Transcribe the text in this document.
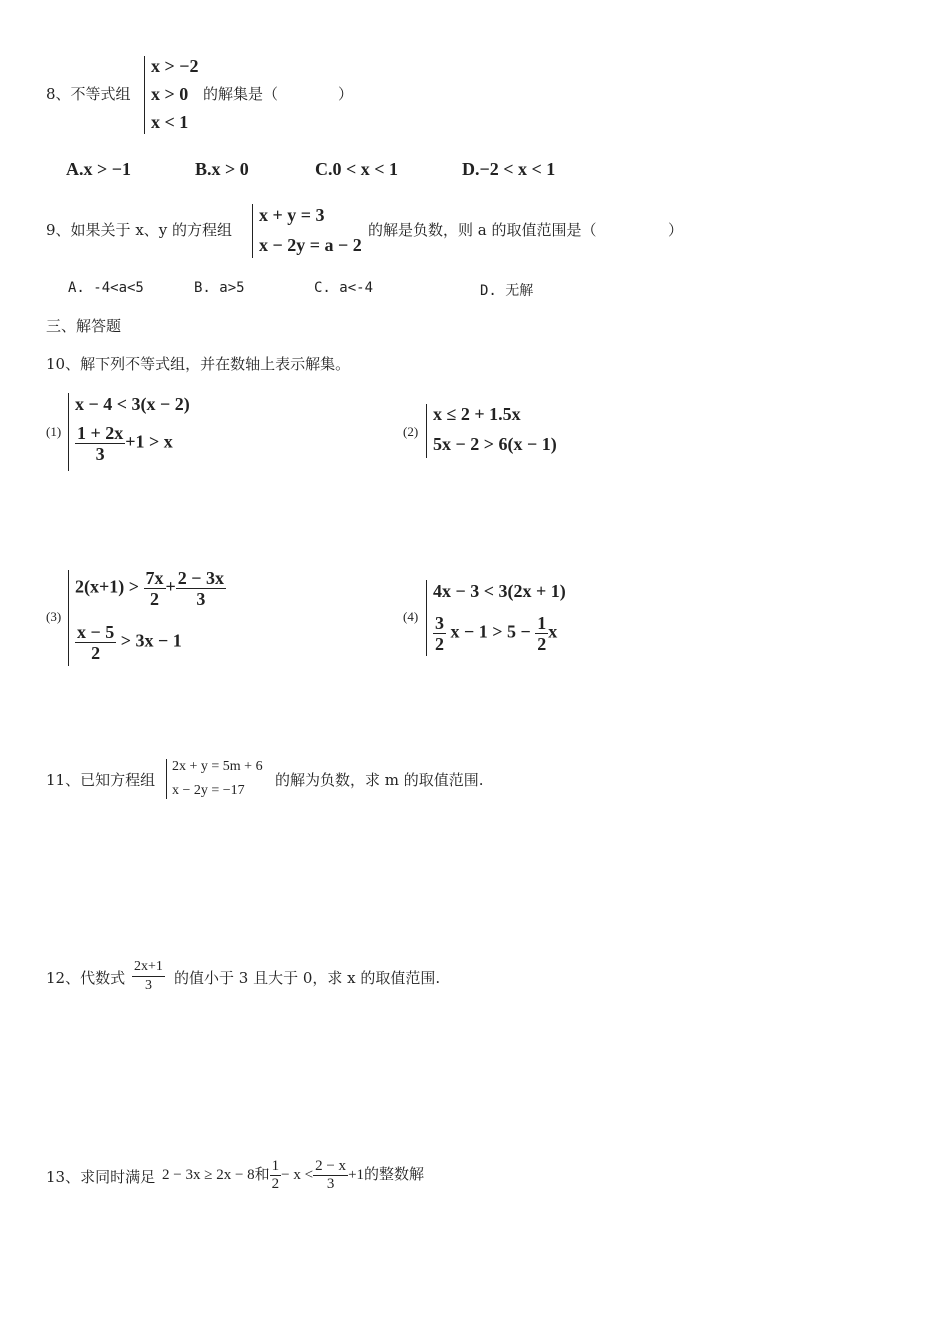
8、不等式组
x > −2
x > 0
x < 1
的解集是（	）
A.x > −1	B.x > 0	C.0 < x < 1	D.−2 < x < 1
9、如果关于 x、y 的方程组
x + y = 3
x − 2y = a − 2
的解是负数，则 a 的取值范围是（	）
A. -4<a<5	B. a>5	C. a<-4	D. 无解
三、解答题
10、解下列不等式组，并在数轴上表示解集。
(1)
x − 4 < 3(x − 2)
$\frac{1 + 2x}{3} +1 > x$
(2)
x ≤ 2 + 1.5x
5x − 2 > 6(x − 1)
(3)
$2(x+1) > \frac{7x}{2} + \frac{2 - 3x}{3}$
$\frac{x - 5}{2} > 3x - 1$
(4)
4x − 3 < 3(2x + 1)
$\frac{3}{2}$ $x - 1 > 5 - \frac{1}{2}$ x
11、已知方程组
2x + y = 5m + 6
x − 2y = −17
的解为负数，求 m 的取值范围.
12、代数式 $\frac{2x+1}{3}$ 的值小于 3 且大于 0，求 x 的取值范围.
13、求同时满足 2 − 3x ≥ 2x − 8和 $\frac{1}{2} - x < \frac{2 - x}{3} +1$的整数解
